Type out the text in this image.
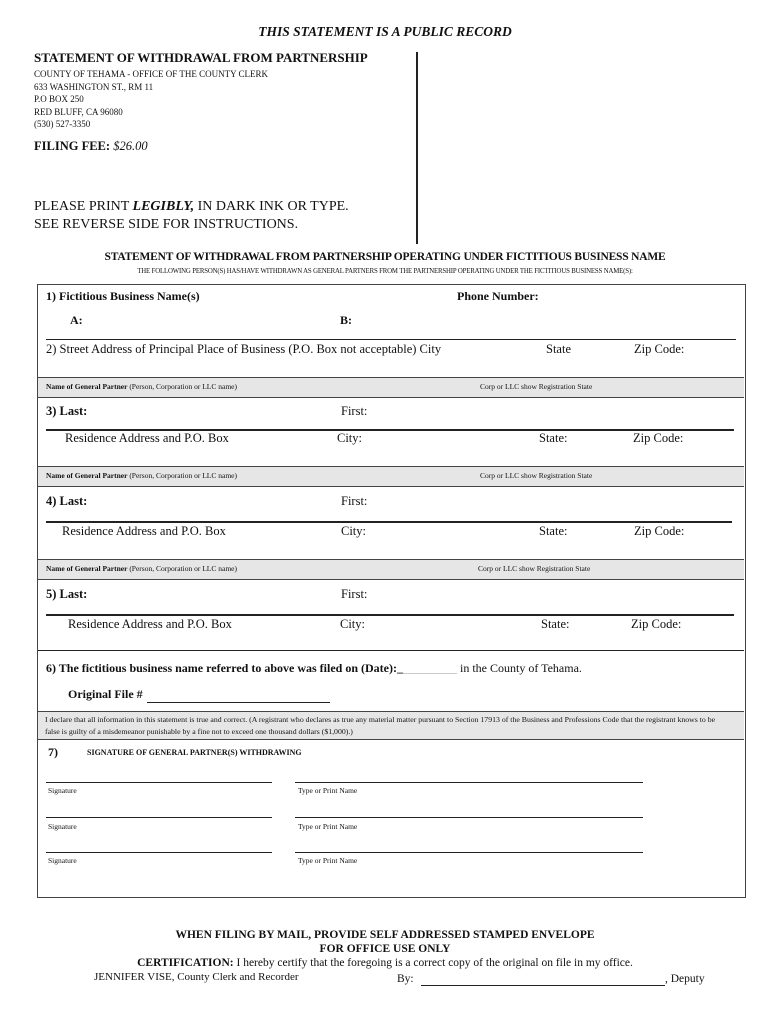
THIS STATEMENT IS A PUBLIC RECORD
STATEMENT OF WITHDRAWAL FROM PARTNERSHIP
COUNTY OF TEHAMA - OFFICE OF THE COUNTY CLERK
633 WASHINGTON ST., RM 11
P.O BOX 250
RED BLUFF, CA 96080
(530) 527-3350
FILING FEE: $26.00
PLEASE PRINT LEGIBLY, IN DARK INK OR TYPE.
SEE REVERSE SIDE FOR INSTRUCTIONS.
STATEMENT OF WITHDRAWAL FROM PARTNERSHIP OPERATING UNDER FICTITIOUS BUSINESS NAME
THE FOLLOWING PERSON(S) HAS/HAVE WITHDRAWN AS GENERAL PARTNERS FROM THE PARTNERSHIP OPERATING UNDER THE FICTITIOUS BUSINESS NAME(S):
1) Fictitious Business Name(s)	Phone Number:
A:	B:
2) Street Address of Principal Place of Business (P.O. Box not acceptable) City	State	Zip Code:
Name of General Partner (Person, Corporation or LLC name)	Corp or LLC show Registration State
3) Last:	First:
Residence Address and P.O. Box	City:	State:	Zip Code:
Name of General Partner (Person, Corporation or LLC name)	Corp or LLC show Registration State
4) Last:	First:
Residence Address and P.O. Box	City:	State:	Zip Code:
Name of General Partner (Person, Corporation or LLC name)	Corp or LLC show Registration State
5) Last:	First:
Residence Address and P.O. Box	City:	State:	Zip Code:
6) The fictitious business name referred to above was filed on (Date):__________ in the County of Tehama.
Original File #
I declare that all information in this statement is true and correct. (A registrant who declares as true any material matter pursuant to Section 17913 of the Business and Professions Code that the registrant knows to be false is guilty of a misdemeanor punishable by a fine not to exceed one thousand dollars ($1,000).)
7)	SIGNATURE OF GENERAL PARTNER(S) WITHDRAWING
Signature	Type or Print Name
Signature	Type or Print Name
Signature	Type or Print Name
WHEN FILING BY MAIL, PROVIDE SELF ADDRESSED STAMPED ENVELOPE
FOR OFFICE USE ONLY
CERTIFICATION: I hereby certify that the foregoing is a correct copy of the original on file in my office.
JENNIFER VISE, County Clerk and Recorder	By:	, Deputy
